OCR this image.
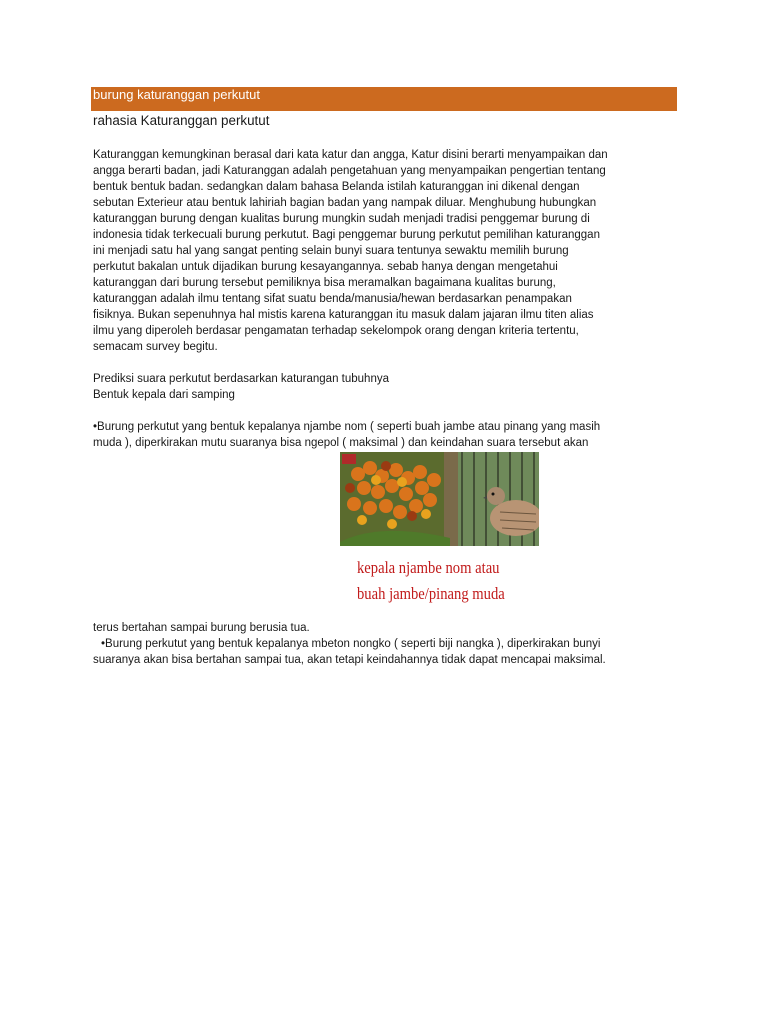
burung katuranggan perkutut
rahasia Katuranggan perkutut
Katuranggan kemungkinan berasal dari kata katur dan angga, Katur disini berarti menyampaikan dan
angga berarti badan, jadi Katuranggan adalah pengetahuan yang menyampaikan pengertian tentang
bentuk bentuk badan. sedangkan dalam bahasa Belanda istilah katuranggan ini dikenal dengan
sebutan Exterieur atau bentuk lahiriah bagian badan yang nampak diluar. Menghubung hubungkan
katuranggan burung dengan kualitas burung mungkin sudah menjadi tradisi penggemar burung di
indonesia tidak terkecuali burung perkutut. Bagi penggemar burung perkutut pemilihan katuranggan
ini menjadi satu hal yang sangat penting selain bunyi suara tentunya sewaktu memilih burung
perkutut bakalan untuk dijadikan burung kesayangannya. sebab hanya dengan mengetahui
katuranggan dari burung tersebut pemiliknya bisa meramalkan bagaimana kualitas burung,
katuranggan adalah ilmu tentang sifat suatu benda/manusia/hewan berdasarkan penampakan
fisiknya. Bukan sepenuhnya hal mistis karena katuranggan itu masuk dalam jajaran ilmu titen alias
ilmu yang diperoleh berdasar pengamatan terhadap sekelompok orang dengan kriteria tertentu,
semacam survey begitu.
Prediksi suara perkutut berdasarkan katurangan tubuhnya
Bentuk kepala dari samping
•Burung perkutut yang bentuk kepalanya njambe nom ( seperti buah jambe atau pinang yang masih
muda ), diperkirakan mutu suaranya bisa ngepol ( maksimal ) dan keindahan suara tersebut akan
kepala njambe nom atau
buah jambe/pinang muda
terus bertahan sampai burung berusia tua.
•Burung perkutut yang bentuk kepalanya mbeton nongko ( seperti biji nangka ), diperkirakan bunyi
suaranya akan bisa bertahan sampai tua, akan tetapi keindahannya tidak dapat mencapai maksimal.
